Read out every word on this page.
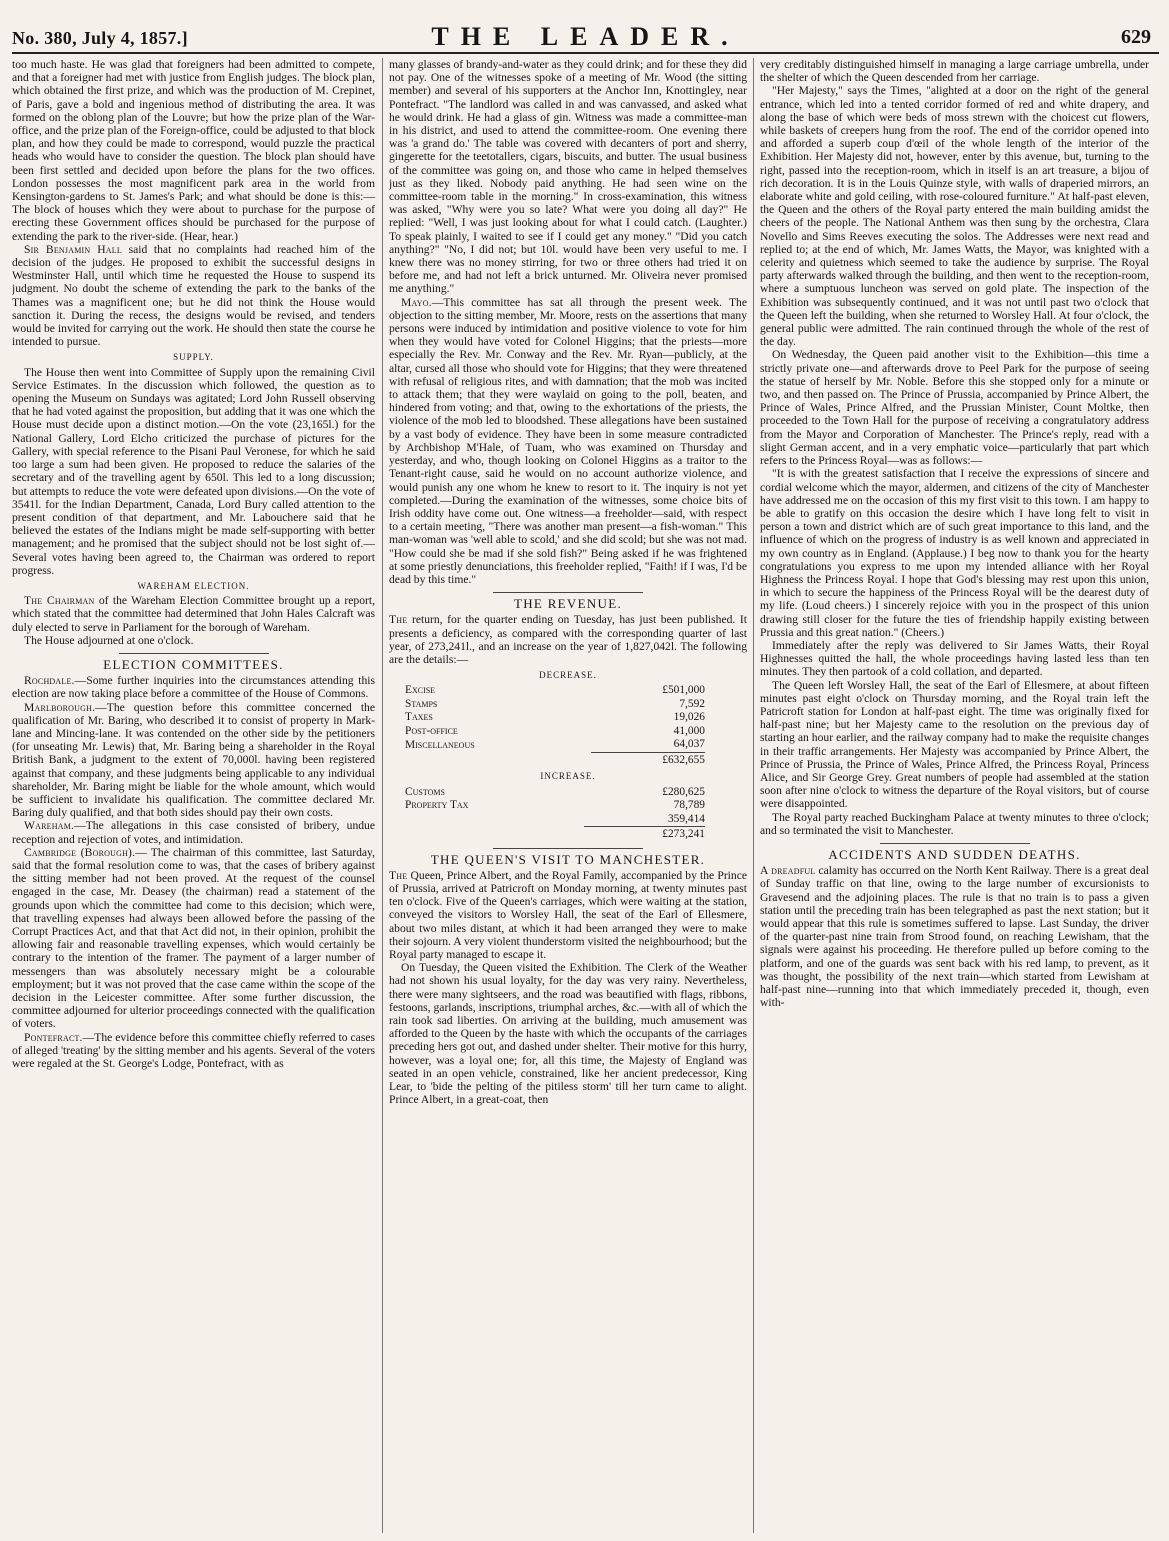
No. 380, July 4, 1857.]	THE LEADER.	629

too much haste. He was glad that foreigners had been admitted to compete, and that a foreigner had met with justice from English judges. The block plan, which obtained the first prize, and which was the production of M. Crepinet, of Paris, gave a bold and ingenious method of distributing the area. It was formed on the oblong plan of the Louvre; but how the prize plan of the War-office, and the prize plan of the Foreign-office, could be adjusted to that block plan, and how they could be made to correspond, would puzzle the practical heads who would have to consider the question. The block plan should have been first settled and decided upon before the plans for the two offices. London possesses the most magnificent park area in the world from Kensington-gardens to St. James's Park; and what should be done is this:—The block of houses which they were about to purchase for the purpose of erecting these Government offices should be purchased for the purpose of extending the park to the river-side. (Hear, hear.)

Sir Benjamin Hall said that no complaints had reached him of the decision of the judges. He proposed to exhibit the successful designs in Westminster Hall, until which time he requested the House to suspend its judgment. No doubt the scheme of extending the park to the banks of the Thames was a magnificent one; but he did not think the House would sanction it. During the recess, the designs would be revised, and tenders would be invited for carrying out the work. He should then state the course he intended to pursue.

SUPPLY.

The House then went into Committee of Supply upon the remaining Civil Service Estimates. In the discussion which followed, the question as to opening the Museum on Sundays was agitated; Lord John Russell observing that he had voted against the proposition, but adding that it was one which the House must decide upon a distinct motion.—On the vote (23,165l.) for the National Gallery, Lord Elcho criticized the purchase of pictures for the Gallery, with special reference to the Pisani Paul Veronese, for which he said too large a sum had been given. He proposed to reduce the salaries of the secretary and of the travelling agent by 650l. This led to a long discussion; but attempts to reduce the vote were defeated upon divisions.—On the vote of 3541l. for the Indian Department, Canada, Lord Bury called attention to the present condition of that department, and Mr. Labouchere said that he believed the estates of the Indians might be made self-supporting with better management; and he promised that the subject should not be lost sight of.—Several votes having been agreed to, the Chairman was ordered to report progress.

WAREHAM ELECTION.

The Chairman of the Wareham Election Committee brought up a report, which stated that the committee had determined that John Hales Calcraft was duly elected to serve in Parliament for the borough of Wareham.

The House adjourned at one o'clock.

ELECTION COMMITTEES.

Rochdale.—Some further inquiries into the circumstances attending this election are now taking place before a committee of the House of Commons.

Marlborough.—The question before this committee concerned the qualification of Mr. Baring, who described it to consist of property in Mark-lane and Mincing-lane. It was contended on the other side by the petitioners (for unseating Mr. Lewis) that, Mr. Baring being a shareholder in the Royal British Bank, a judgment to the extent of 70,000l. having been registered against that company, and these judgments being applicable to any individual shareholder, Mr. Baring might be liable for the whole amount, which would be sufficient to invalidate his qualification. The committee declared Mr. Baring duly qualified, and that both sides should pay their own costs.

Wareham.—The allegations in this case consisted of bribery, undue reception and rejection of votes, and intimidation.

Cambridge (Borough).— The chairman of this committee, last Saturday, said that the formal resolution come to was, that the cases of bribery against the sitting member had not been proved. At the request of the counsel engaged in the case, Mr. Deasey (the chairman) read a statement of the grounds upon which the committee had come to this decision; which were, that travelling expenses had always been allowed before the passing of the Corrupt Practices Act, and that that Act did not, in their opinion, prohibit the allowing fair and reasonable travelling expenses, which would certainly be contrary to the intention of the framer. The payment of a larger number of messengers than was absolutely necessary might be a colourable employment; but it was not proved that the case came within the scope of the decision in the Leicester committee. After some further discussion, the committee adjourned for ulterior proceedings connected with the qualification of voters.

Pontefract.—The evidence before this committee chiefly referred to cases of alleged 'treating' by the sitting member and his agents. Several of the voters were regaled at the St. George's Lodge, Pontefract, with as

many glasses of brandy-and-water as they could drink; and for these they did not pay. One of the witnesses spoke of a meeting of Mr. Wood (the sitting member) and several of his supporters at the Anchor Inn, Knottingley, near Pontefract. "The landlord was called in and was canvassed, and asked what he would drink. He had a glass of gin. Witness was made a committee-man in his district, and used to attend the committee-room. One evening there was 'a grand do.' The table was covered with decanters of port and sherry, gingerette for the teetotallers, cigars, biscuits, and butter. The usual business of the committee was going on, and those who came in helped themselves just as they liked. Nobody paid anything. He had seen wine on the committee-room table in the morning." In cross-examination, this witness was asked, "Why were you so late? What were you doing all day?" He replied: "Well, I was just looking about for what I could catch. (Laughter.) To speak plainly, I waited to see if I could get any money." "Did you catch anything?" "No, I did not; but 10l. would have been very useful to me. I knew there was no money stirring, for two or three others had tried it on before me, and had not left a brick unturned. Mr. Oliveira never promised me anything."

Mayo.—This committee has sat all through the present week. The objection to the sitting member, Mr. Moore, rests on the assertions that many persons were induced by intimidation and positive violence to vote for him when they would have voted for Colonel Higgins; that the priests—more especially the Rev. Mr. Conway and the Rev. Mr. Ryan—publicly, at the altar, cursed all those who should vote for Higgins; that they were threatened with refusal of religious rites, and with damnation; that the mob was incited to attack them; that they were waylaid on going to the poll, beaten, and hindered from voting; and that, owing to the exhortations of the priests, the violence of the mob led to bloodshed. These allegations have been sustained by a vast body of evidence. They have been in some measure contradicted by Archbishop M'Hale, of Tuam, who was examined on Thursday and yesterday, and who, though looking on Colonel Higgins as a traitor to the Tenant-right cause, said he would on no account authorize violence, and would punish any one whom he knew to resort to it. The inquiry is not yet completed.—During the examination of the witnesses, some choice bits of Irish oddity have come out. One witness—a freeholder—said, with respect to a certain meeting, "There was another man present—a fish-woman." This man-woman was 'well able to scold,' and she did scold; but she was not mad. "How could she be mad if she sold fish?" Being asked if he was frightened at some priestly denunciations, this freeholder replied, "Faith! if I was, I'd be dead by this time."

THE REVENUE.

The return, for the quarter ending on Tuesday, has just been published. It presents a deficiency, as compared with the corresponding quarter of last year, of 273,241l., and an increase on the year of 1,827,042l. The following are the details:—

DECREASE.
Excise	£501,000
Stamps	7,592
Taxes	19,026
Post-office	41,000
Miscellaneous	64,037
	£632,655
INCREASE.
Customs	£280,625
Property Tax	78,789
	359,414
	£273,241
THE QUEEN'S VISIT TO MANCHESTER.

The Queen, Prince Albert, and the Royal Family, accompanied by the Prince of Prussia, arrived at Patricroft on Monday morning, at twenty minutes past ten o'clock. Five of the Queen's carriages, which were waiting at the station, conveyed the visitors to Worsley Hall, the seat of the Earl of Ellesmere, about two miles distant, at which it had been arranged they were to make their sojourn. A very violent thunderstorm visited the neighbourhood; but the Royal party managed to escape it.

On Tuesday, the Queen visited the Exhibition. The Clerk of the Weather had not shown his usual loyalty, for the day was very rainy. Nevertheless, there were many sightseers, and the road was beautified with flags, ribbons, festoons, garlands, inscriptions, triumphal arches, &c.—with all of which the rain took sad liberties. On arriving at the building, much amusement was afforded to the Queen by the haste with which the occupants of the carriages preceding hers got out, and dashed under shelter. Their motive for this hurry, however, was a loyal one; for, all this time, the Majesty of England was seated in an open vehicle, constrained, like her ancient predecessor, King Lear, to 'bide the pelting of the pitiless storm' till her turn came to alight. Prince Albert, in a great-coat, then

very creditably distinguished himself in managing a large carriage umbrella, under the shelter of which the Queen descended from her carriage.

"Her Majesty," says the Times, "alighted at a door on the right of the general entrance, which led into a tented corridor formed of red and white drapery, and along the base of which were beds of moss strewn with the choicest cut flowers, while baskets of creepers hung from the roof. The end of the corridor opened into and afforded a superb coup d'œil of the whole length of the interior of the Exhibition. Her Majesty did not, however, enter by this avenue, but, turning to the right, passed into the reception-room, which in itself is an art treasure, a bijou of rich decoration. It is in the Louis Quinze style, with walls of draperied mirrors, an elaborate white and gold ceiling, with rose-coloured furniture." At half-past eleven, the Queen and the others of the Royal party entered the main building amidst the cheers of the people. The National Anthem was then sung by the orchestra, Clara Novello and Sims Reeves executing the solos. The Addresses were next read and replied to; at the end of which, Mr. James Watts, the Mayor, was knighted with a celerity and quietness which seemed to take the audience by surprise. The Royal party afterwards walked through the building, and then went to the reception-room, where a sumptuous luncheon was served on gold plate. The inspection of the Exhibition was subsequently continued, and it was not until past two o'clock that the Queen left the building, when she returned to Worsley Hall. At four o'clock, the general public were admitted. The rain continued through the whole of the rest of the day.

On Wednesday, the Queen paid another visit to the Exhibition—this time a strictly private one—and afterwards drove to Peel Park for the purpose of seeing the statue of herself by Mr. Noble. Before this she stopped only for a minute or two, and then passed on. The Prince of Prussia, accompanied by Prince Albert, the Prince of Wales, Prince Alfred, and the Prussian Minister, Count Moltke, then proceeded to the Town Hall for the purpose of receiving a congratulatory address from the Mayor and Corporation of Manchester. The Prince's reply, read with a slight German accent, and in a very emphatic voice—particularly that part which refers to the Princess Royal—was as follows:—

"It is with the greatest satisfaction that I receive the expressions of sincere and cordial welcome which the mayor, aldermen, and citizens of the city of Manchester have addressed me on the occasion of this my first visit to this town. I am happy to be able to gratify on this occasion the desire which I have long felt to visit in person a town and district which are of such great importance to this land, and the influence of which on the progress of industry is as well known and appreciated in my own country as in England. (Applause.) I beg now to thank you for the hearty congratulations you express to me upon my intended alliance with her Royal Highness the Princess Royal. I hope that God's blessing may rest upon this union, in which to secure the happiness of the Princess Royal will be the dearest duty of my life. (Loud cheers.) I sincerely rejoice with you in the prospect of this union drawing still closer for the future the ties of friendship happily existing between Prussia and this great nation." (Cheers.)

Immediately after the reply was delivered to Sir James Watts, their Royal Highnesses quitted the hall, the whole proceedings having lasted less than ten minutes. They then partook of a cold collation, and departed.

The Queen left Worsley Hall, the seat of the Earl of Ellesmere, at about fifteen minutes past eight o'clock on Thursday morning, and the Royal train left the Patricroft station for London at half-past eight. The time was originally fixed for half-past nine; but her Majesty came to the resolution on the previous day of starting an hour earlier, and the railway company had to make the requisite changes in their traffic arrangements. Her Majesty was accompanied by Prince Albert, the Prince of Prussia, the Prince of Wales, Prince Alfred, the Princess Royal, Princess Alice, and Sir George Grey. Great numbers of people had assembled at the station soon after nine o'clock to witness the departure of the Royal visitors, but of course were disappointed.

The Royal party reached Buckingham Palace at twenty minutes to three o'clock; and so terminated the visit to Manchester.

ACCIDENTS AND SUDDEN DEATHS.

A dreadful calamity has occurred on the North Kent Railway. There is a great deal of Sunday traffic on that line, owing to the large number of excursionists to Gravesend and the adjoining places. The rule is that no train is to pass a given station until the preceding train has been telegraphed as past the next station; but it would appear that this rule is sometimes suffered to lapse. Last Sunday, the driver of the quarter-past nine train from Strood found, on reaching Lewisham, that the signals were against his proceeding. He therefore pulled up before coming to the platform, and one of the guards was sent back with his red lamp, to prevent, as it was thought, the possibility of the next train—which started from Lewisham at half-past nine—running into that which immediately preceded it, though, even with-
